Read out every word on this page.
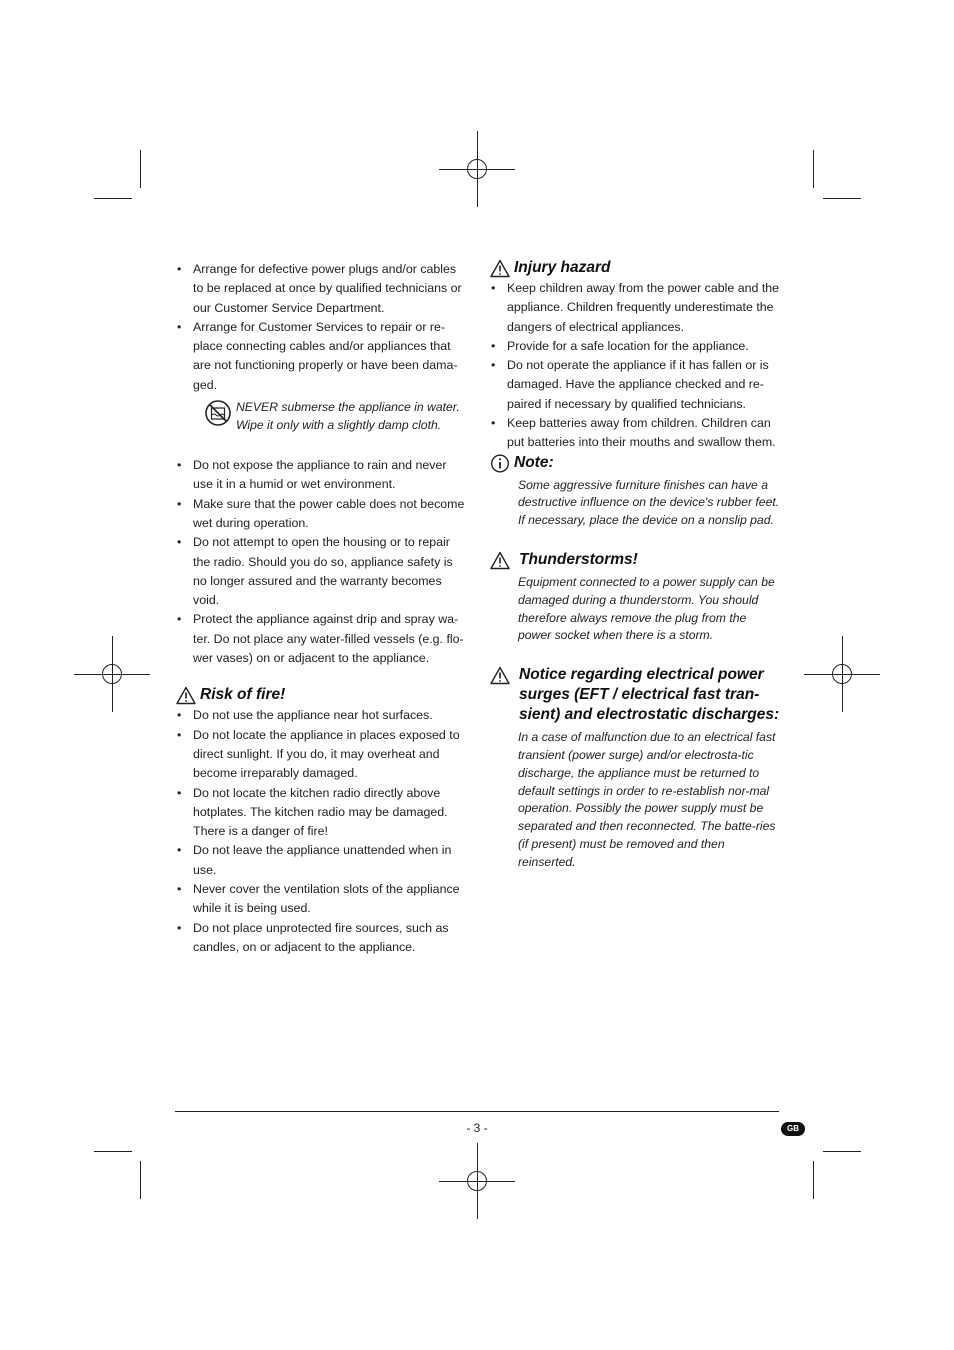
• Arrange for defective power plugs and/or cables to be replaced at once by qualified technicians or our Customer Service Department.
• Arrange for Customer Services to repair or re-place connecting cables and/or appliances that are not functioning properly or have been dama-ged.
NEVER submerse the appliance in water. Wipe it only with a slightly damp cloth.
• Do not expose the appliance to rain and never use it in a humid or wet environment.
• Make sure that the power cable does not become wet during operation.
• Do not attempt to open the housing or to repair the radio. Should you do so, appliance safety is no longer assured and the warranty becomes void.
• Protect the appliance against drip and spray wa-ter. Do not place any water-filled vessels (e.g. flo-wer vases) on or adjacent to the appliance.
Risk of fire!
• Do not use the appliance near hot surfaces.
• Do not locate the appliance in places exposed to direct sunlight. If you do, it may overheat and become irreparably damaged.
• Do not locate the kitchen radio directly above hotplates. The kitchen radio may be damaged. There is a danger of fire!
• Do not leave the appliance unattended when in use.
• Never cover the ventilation slots of the appliance while it is being used.
• Do not place unprotected fire sources, such as candles, on or adjacent to the appliance.
Injury hazard
• Keep children away from the power cable and the appliance. Children frequently underestimate the dangers of electrical appliances.
• Provide for a safe location for the appliance.
• Do not operate the appliance if it has fallen or is damaged. Have the appliance checked and re-paired if necessary by qualified technicians.
• Keep batteries away from children. Children can put batteries into their mouths and swallow them.
Note:

Some aggressive furniture finishes can have a destructive influence on the device's rubber feet. If necessary, place the device on a nonslip pad.

Thunderstorms!

Equipment connected to a power supply can be damaged during a thunderstorm. You should therefore always remove the plug from the power socket when there is a storm.

Notice regarding electrical power surges (EFT / electrical fast tran-sient) and electrostatic discharges:

In a case of malfunction due to an electrical fast transient (power surge) and/or electrosta-tic discharge, the appliance must be returned to default settings in order to re-establish nor-mal operation. Possibly the power supply must be separated and then reconnected. The batte-ries (if present) must be removed and then reinserted.

- 3 -	GB
